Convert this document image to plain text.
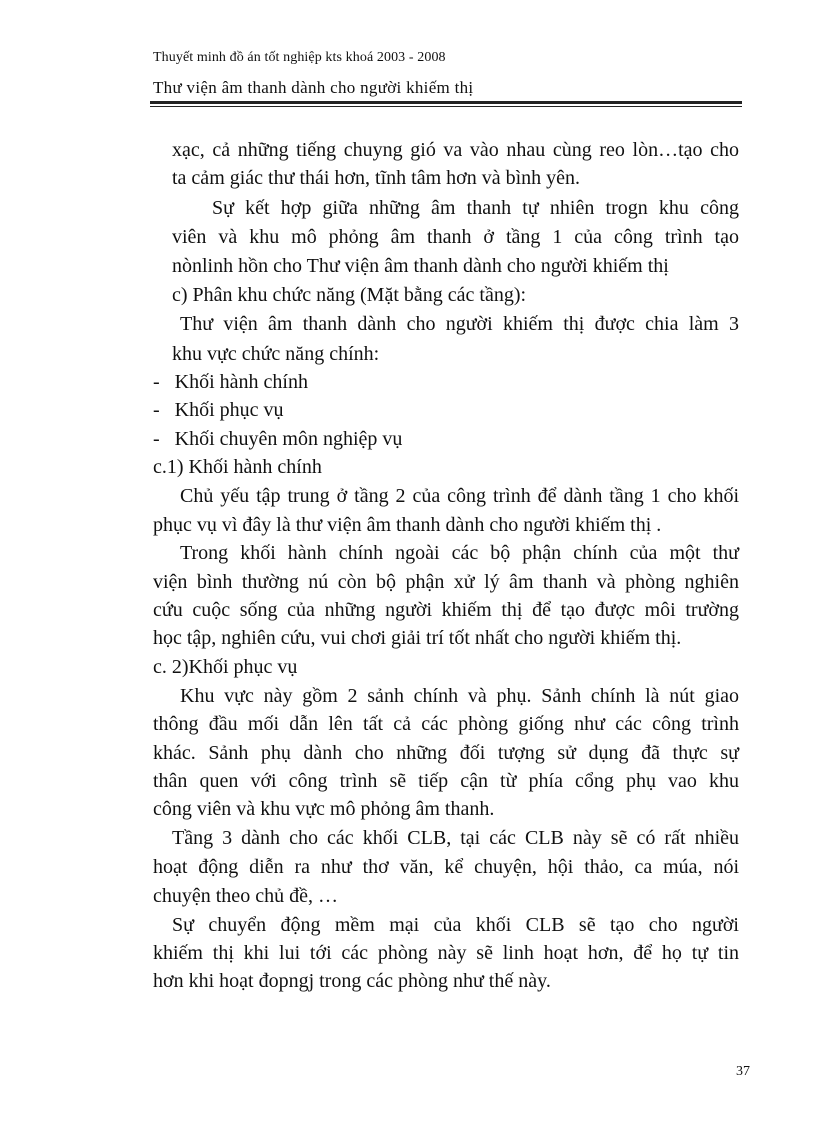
Thuyết minh đồ án tốt nghiệp kts khoá 2003 - 2008
Thư viện âm thanh dành cho người khiếm thị
xạc, cả những tiếng chuyng gió va vào nhau cùng reo lòn…tạo cho
ta cảm giác thư thái hơn, tĩnh tâm hơn và bình yên.
Sự kết hợp giữa những âm thanh tự nhiên trogn khu công
viên và khu mô phỏng âm thanh ở tầng 1 của công trình tạo
nònlinh hồn cho Thư viện âm thanh dành cho người khiếm thị
c) Phân khu chức năng (Mặt bằng các tầng):
Thư viện âm thanh dành cho người khiếm thị được chia làm 3
khu vực chức năng chính:
-   Khối hành chính
-   Khối phục vụ
-   Khối chuyên môn nghiệp vụ
c.1) Khối hành chính
Chủ yếu tập trung ở tầng 2 của công trình để dành tầng 1 cho khối
phục vụ vì đây là thư viện âm thanh dành cho người khiếm thị .
Trong khối hành chính ngoài các bộ phận chính của một thư
viện bình thường nú còn bộ phận xử lý âm thanh và phòng nghiên
cứu cuộc sống của những người khiếm thị để tạo được môi trường
học tập, nghiên cứu, vui chơi giải trí tốt nhất cho người khiếm thị.
c. 2)Khối phục vụ
Khu vực này gồm 2 sảnh chính và phụ. Sảnh chính là nút giao
thông đầu mối dẫn lên tất cả các phòng giống như các công trình
khác. Sảnh phụ dành cho những đối tượng sử dụng đã thực sự
thân quen với công trình sẽ tiếp cận từ phía cổng phụ vao khu
công viên và khu vực mô phỏng âm thanh.
Tầng 3 dành cho các khối CLB, tại các CLB này sẽ có rất nhiều
hoạt động diễn ra như thơ văn, kể chuyện, hội thảo, ca múa, nói
chuyện theo chủ đề, …
Sự chuyển động mềm mại của khối CLB sẽ tạo cho người
khiếm thị khi lui tới các phòng này sẽ linh hoạt hơn, để họ tự tin
hơn khi hoạt đopngj trong các phòng như thế này.
37
